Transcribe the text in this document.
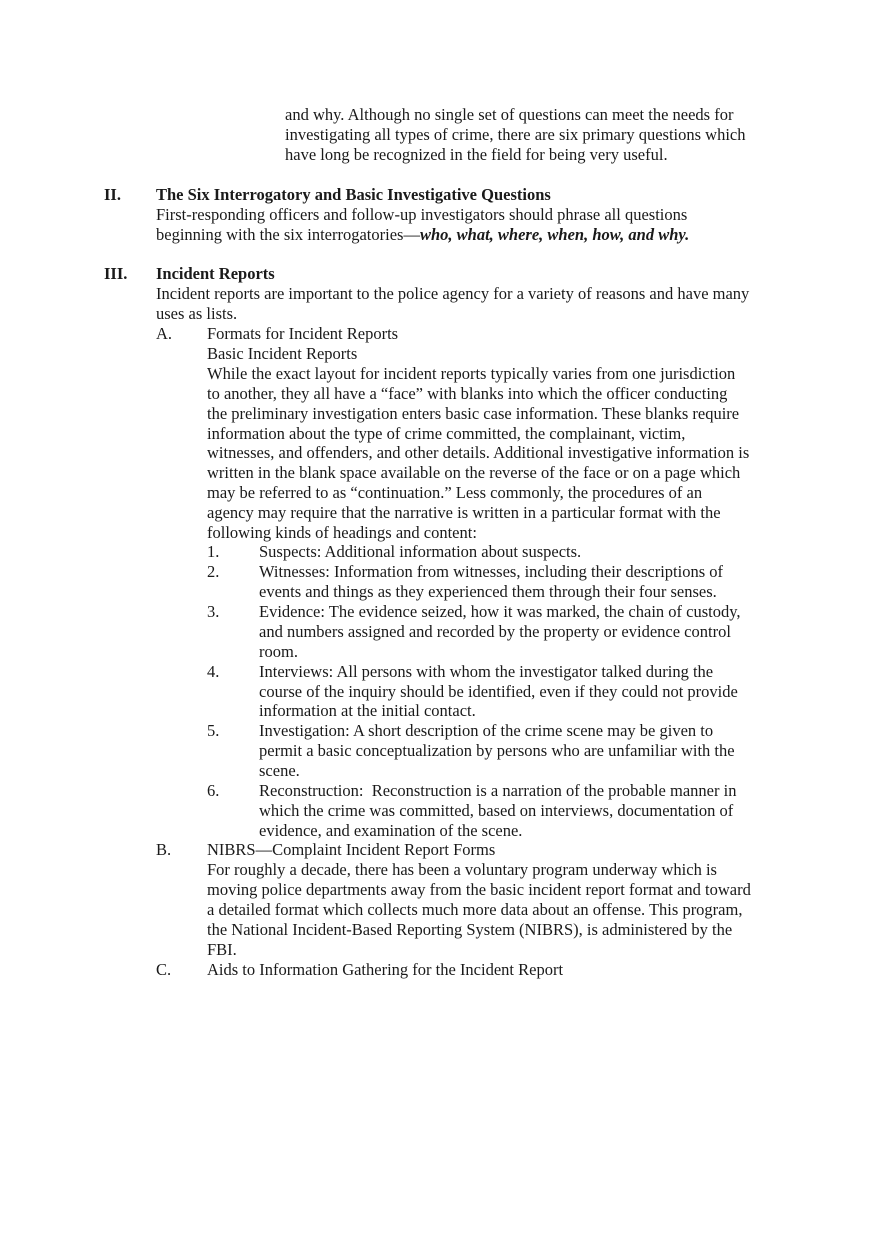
and why. Although no single set of questions can meet the needs for
investigating all types of crime, there are six primary questions which
have long be recognized in the field for being very useful.
II. The Six Interrogatory and Basic Investigative Questions
First-responding officers and follow-up investigators should phrase all questions
beginning with the six interrogatories—who, what, where, when, how, and why.
III. Incident Reports
Incident reports are important to the police agency for a variety of reasons and have many
uses as lists.
A. Formats for Incident Reports
Basic Incident Reports
While the exact layout for incident reports typically varies from one jurisdiction
to another, they all have a “face” with blanks into which the officer conducting
the preliminary investigation enters basic case information. These blanks require
information about the type of crime committed, the complainant, victim,
witnesses, and offenders, and other details. Additional investigative information is
written in the blank space available on the reverse of the face or on a page which
may be referred to as “continuation.” Less commonly, the procedures of an
agency may require that the narrative is written in a particular format with the
following kinds of headings and content:
1. Suspects: Additional information about suspects.
2. Witnesses: Information from witnesses, including their descriptions of
events and things as they experienced them through their four senses.
3. Evidence: The evidence seized, how it was marked, the chain of custody,
and numbers assigned and recorded by the property or evidence control
room.
4. Interviews: All persons with whom the investigator talked during the
course of the inquiry should be identified, even if they could not provide
information at the initial contact.
5. Investigation: A short description of the crime scene may be given to
permit a basic conceptualization by persons who are unfamiliar with the
scene.
6. Reconstruction:  Reconstruction is a narration of the probable manner in
which the crime was committed, based on interviews, documentation of
evidence, and examination of the scene.
B. NIBRS—Complaint Incident Report Forms
For roughly a decade, there has been a voluntary program underway which is
moving police departments away from the basic incident report format and toward
a detailed format which collects much more data about an offense. This program,
the National Incident-Based Reporting System (NIBRS), is administered by the
FBI.
C. Aids to Information Gathering for the Incident Report
